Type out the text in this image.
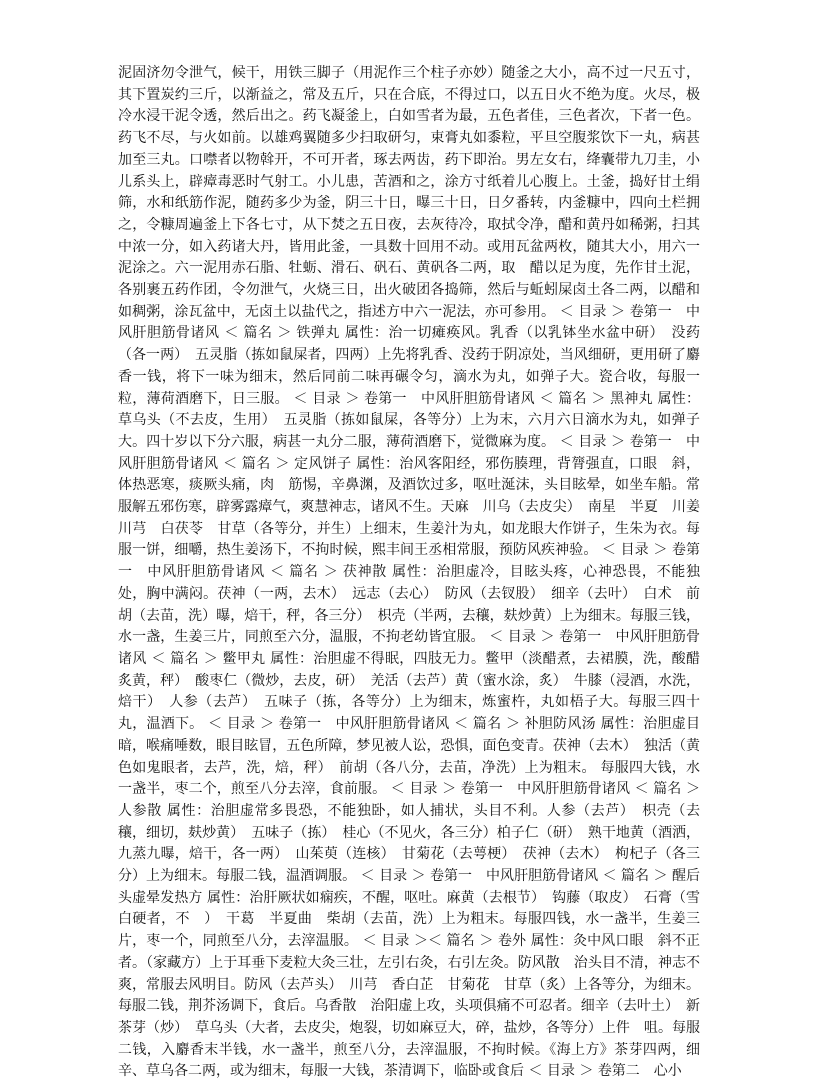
泥固济勿令泄气，候干，用铁三脚子（用泥作三个柱子亦妙）随釜之大小，高不过一尺五寸，其下置炭约三斤，以渐益之，常及五斤，只在合底，不得过口，以五日火不绝为度。火尽，极冷水浸干泥令透，然后出之。药飞凝釜上，白如雪者为最，五色者佳，三色者次，下者一色。药飞不尽，与火如前。以雄鸡翼随多少扫取研匀，束膏丸如黍粒，平旦空腹浆饮下一丸，病甚加至三丸。口噤者以物斡开，不可开者，琢去两齿，药下即治。男左女右，绛囊带九刀圭，小儿系头上，辟瘴毒恶时气射工。小儿患，苦酒和之，涂方寸纸着儿心腹上。土釜，捣好甘土绢筛，水和纸筋作泥，随药多少为釜，阴三十日，曝三十日，日夕番转，内釜糠中，四向土栏拥之，令糠周遍釜上下各七寸，从下焚之五日夜，去灰待冷，取拭令净，醋和黄丹如稀粥，扫其中浓一分，如入药诸大丹，皆用此釜，一具数十回用不动。或用瓦盆两枚，随其大小，用六一泥涂之。六一泥用赤石脂、牡蛎、滑石、矾石、黄矾各二两，取　醋以足为度，先作甘土泥，各别裹五药作团，令勿泄气，火烧三日，出火破团各捣筛，然后与蚯蚓屎卤土各二两，以醋和如稠粥，涂瓦盆中，无卤土以盐代之，指述方中六一泥法，亦可参用。 ＜ 目录 ＞ 卷第一　中风肝胆筋骨诸风 ＜ 篇名 ＞ 铁弹丸 属性：治一切瘫痪风。乳香（以乳钵坐水盆中研）　没药（各一两）　五灵脂（拣如鼠屎者，四两）上先将乳香、没药于阴凉处，当风细研，更用研了麝香一钱，将下一味为细末，然后同前二味再碾令匀，滴水为丸，如弹子大。瓷合收，每服一粒，薄荷酒磨下，日三服。 ＜ 目录 ＞ 卷第一　中风肝胆筋骨诸风 ＜ 篇名 ＞ 黑神丸 属性：草乌头（不去皮，生用）　五灵脂（拣如鼠屎，各等分）上为末，六月六日滴水为丸，如弹子大。四十岁以下分六服，病甚一丸分二服，薄荷酒磨下，觉微麻为度。 ＜ 目录 ＞ 卷第一　中风肝胆筋骨诸风 ＜ 篇名 ＞ 定风饼子 属性：治风客阳经，邪伤腠理，背膂强直，口眼　斜，体热恶寒，痰厥头痛，肉　筋惕，辛鼻渊，及酒饮过多，呕吐涎沫，头目眩晕，如坐车船。常服解五邪伤寒，辟雾露瘴气，爽慧神志，诸风不生。天麻　川乌（去皮尖）　南星　半夏　川姜　川芎　白茯苓　甘草（各等分，并生）上细末，生姜汁为丸，如龙眼大作饼子，生朱为衣。每服一饼，细嚼，热生姜汤下，不拘时候，熙丰间王丞相常服，预防风疾神验。 ＜ 目录 ＞ 卷第一　中风肝胆筋骨诸风 ＜ 篇名 ＞ 茯神散 属性：治胆虚冷，目眩头疼，心神恐畏，不能独处，胸中满闷。茯神（一两，去木）　远志（去心）　防风（去钗股）　细辛（去叶）　白术　前胡（去苗，洗）曝，焙干，秤，各三分）　枳壳（半两，去穰，麸炒黄）上为细末。每服三钱，水一盏，生姜三片，同煎至六分，温服，不拘老幼皆宜服。 ＜ 目录 ＞ 卷第一　中风肝胆筋骨诸风 ＜ 篇名 ＞ 鳖甲丸 属性：治胆虚不得眠，四肢无力。鳖甲（淡醋煮，去裙膜，洗，酸醋炙黄，秤）　酸枣仁（微炒，去皮，研）　羌活（去芦）黄（蜜水涂，炙）　牛膝（浸酒，水洗，焙干）　人参（去芦）　五味子（拣，各等分）上为细末，炼蜜杵，丸如梧子大。每服三四十丸，温酒下。 ＜ 目录 ＞ 卷第一　中风肝胆筋骨诸风 ＜ 篇名 ＞ 补胆防风汤 属性：治胆虚目暗，喉痛唾数，眼目眩冒，五色所障，梦见被人讼，恐惧，面色变青。茯神（去木）　独活（黄色如鬼眼者，去芦，洗，焙，秤）　前胡（各八分，去苗，净洗）上为粗末。 每服四大钱，水一盏半，枣二个，煎至八分去滓，食前服。 ＜ 目录 ＞ 卷第一　中风肝胆筋骨诸风 ＜ 篇名 ＞ 人参散 属性：治胆虚常多畏恐，不能独卧，如人捕状，头目不利。人参（去芦）　枳壳（去穰，细切，麸炒黄）　五味子（拣）　桂心（不见火，各三分）柏子仁（研）　熟干地黄（酒洒，九蒸九曝，焙干，各一两）　山茱萸（连核）　甘菊花（去萼梗）　茯神（去木）　枸杞子（各三分）上为细末。每服二钱，温酒调服。 ＜ 目录 ＞ 卷第一　中风肝胆筋骨诸风 ＜ 篇名 ＞ 醒后头虚晕发热方 属性：治肝厥状如痫疾，不醒，呕吐。麻黄（去根节）　钩藤（取皮）　石膏（雪白硬者，不　）　干葛　半夏曲　柴胡（去苗，洗）上为粗末。每服四钱，水一盏半，生姜三片，枣一个，同煎至八分，去滓温服。 ＜ 目录 ＞＜ 篇名 ＞ 卷外 属性：灸中风口眼　斜不正者。（家藏方）上于耳垂下麦粒大灸三壮，左引右灸，右引左灸。防风散　治头目不清，神志不爽，常服去风明目。防风（去芦头）　川芎　香白芷　甘菊花　甘草（炙）上各等分，为细末。每服二钱，荆芥汤调下，食后。乌香散　治阳虚上攻，头项俱痛不可忍者。细辛（去叶土）　新茶芽（炒）　草乌头（大者，去皮尖，炮裂，切如麻豆大，碎，盐炒，各等分）上件　咀。每服二钱，入麝香末半钱，水一盏半，煎至八分，去滓温服，不拘时候。《海上方》茶芽四两，细辛、草乌各二两，或为细末，每服一大钱，茶清调下，临卧或食后 ＜ 目录 ＞ 卷第二　心小
